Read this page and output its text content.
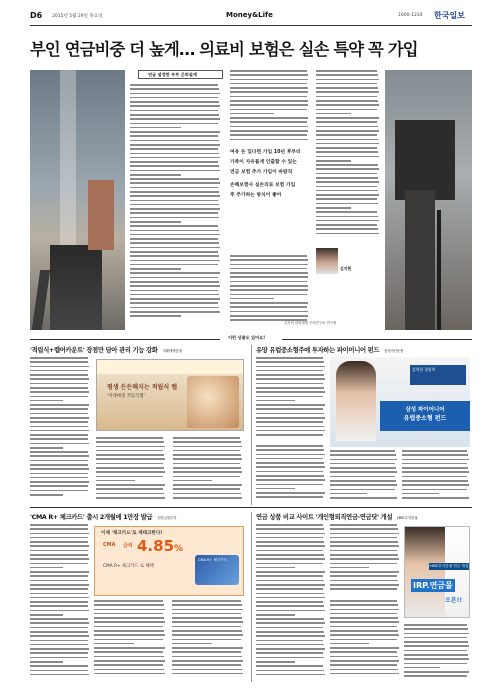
D6 2015년 5월 29일 목요일	Money&Life	1600-1234 한국일보
부인 연금비중 더 높게… 의료비 보험은 실손 특약 꼭 가입
연금 설정한 부부 은퇴설계
여유 돈 있다면 가입 10년 후부터
가족이 자유롭게 인출할 수 있는
연금 보험 추가 가입이 바람직
손해보험사 실손의료 보험 가입
후 추가하는 방식이 좋아
김지현
김지현 한화생명 은퇴연구소 연구원
이런 상품도 있어요!
'적립식+랩어카운트' 장점만 담아 관리 기능 강화 미래에셋증권
평생 든든해지는 적립식 랩
'미래에셋 적립식랩'
유망 유럽중소형주에 투자하는 파이어니어 펀드 삼성자산운용
강력한 경험력
삼성 파이어니어
유럽중소형 펀드
'CMA R+ 체크카드' 출시 2개월에 1만장 발급 신한금융투자
이제 '체크카드'로 재테크한다!
CMA 금리 4.85%
CMA R+ 체크카드 로 혜택
CMA R+ 체크카드
연금 상품 비교 사이트 '개인형퇴직연금·연금닷' 개설 HMC투자증권
HMC투자증권 연금 개설
IRP.연금몰
오픈!!
